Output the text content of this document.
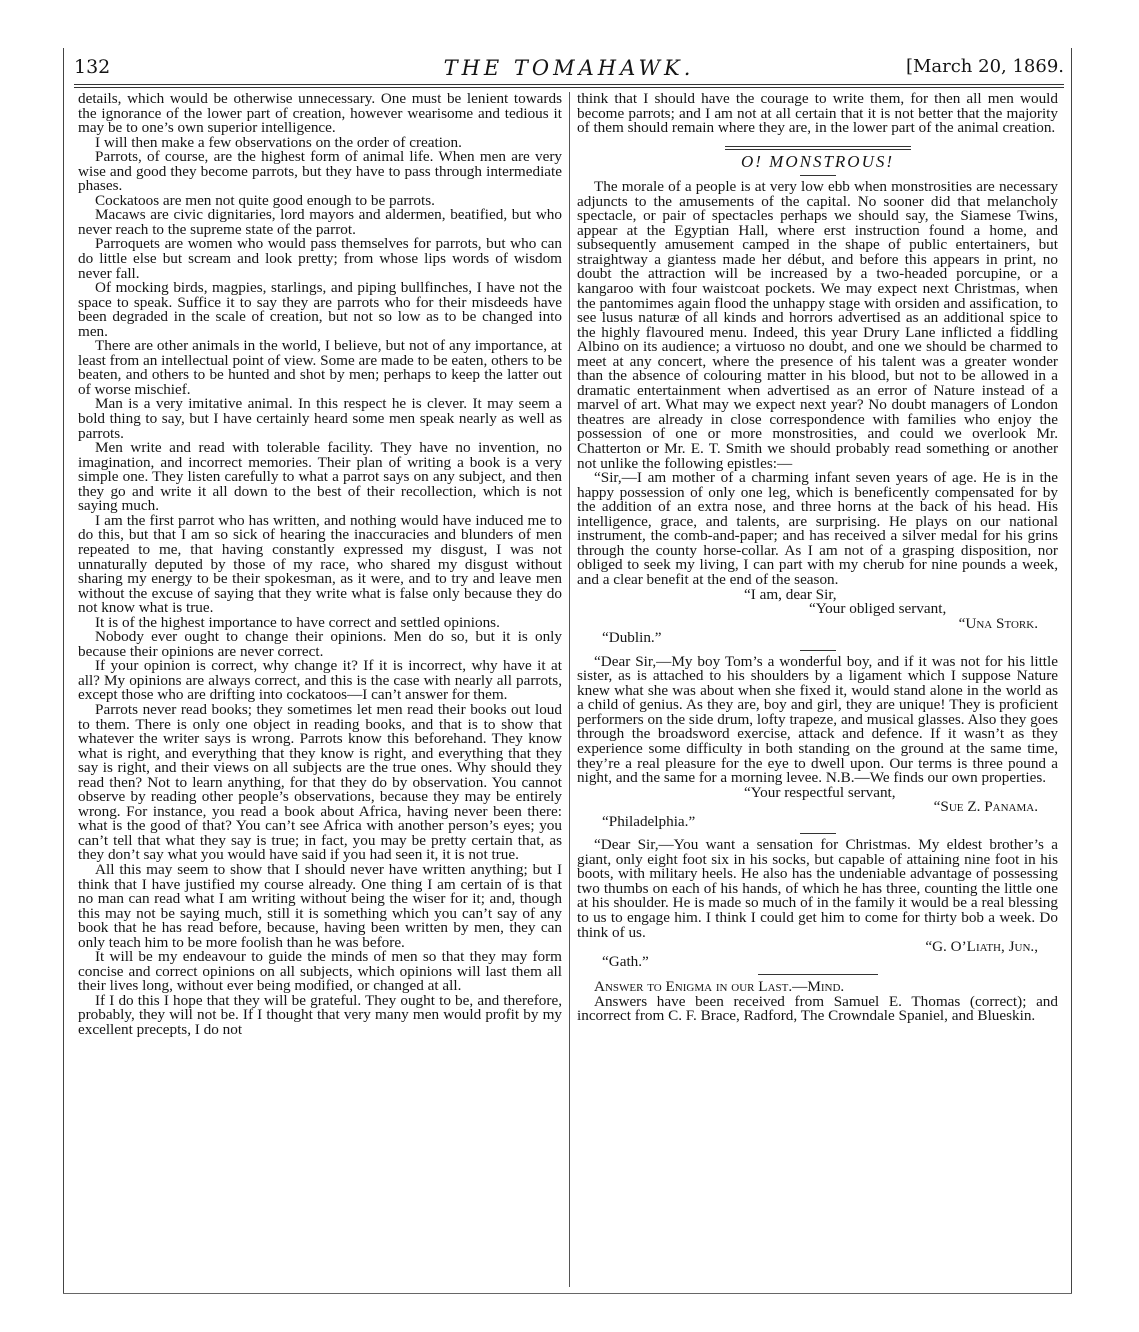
132	THE TOMAHAWK.	[March 20, 1869.

details, which would be otherwise unnecessary. One must be lenient towards the ignorance of the lower part of creation, however wearisome and tedious it may be to one’s own superior intelligence.

I will then make a few observations on the order of creation.

Parrots, of course, are the highest form of animal life. When men are very wise and good they become parrots, but they have to pass through intermediate phases.

Cockatoos are men not quite good enough to be parrots.

Macaws are civic dignitaries, lord mayors and aldermen, beatified, but who never reach to the supreme state of the parrot.

Parroquets are women who would pass themselves for parrots, but who can do little else but scream and look pretty; from whose lips words of wisdom never fall.

Of mocking birds, magpies, starlings, and piping bullfinches, I have not the space to speak. Suffice it to say they are parrots who for their misdeeds have been degraded in the scale of creation, but not so low as to be changed into men.

There are other animals in the world, I believe, but not of any importance, at least from an intellectual point of view. Some are made to be eaten, others to be beaten, and others to be hunted and shot by men; perhaps to keep the latter out of worse mischief.

Man is a very imitative animal. In this respect he is clever. It may seem a bold thing to say, but I have certainly heard some men speak nearly as well as parrots.

Men write and read with tolerable facility. They have no invention, no imagination, and incorrect memories. Their plan of writing a book is a very simple one. They listen carefully to what a parrot says on any subject, and then they go and write it all down to the best of their recollection, which is not saying much.

I am the first parrot who has written, and nothing would have induced me to do this, but that I am so sick of hearing the inaccuracies and blunders of men repeated to me, that having constantly expressed my disgust, I was not unnaturally deputed by those of my race, who shared my disgust without sharing my energy to be their spokesman, as it were, and to try and leave men without the excuse of saying that they write what is false only because they do not know what is true.

It is of the highest importance to have correct and settled opinions.

Nobody ever ought to change their opinions. Men do so, but it is only because their opinions are never correct.

If your opinion is correct, why change it? If it is incorrect, why have it at all? My opinions are always correct, and this is the case with nearly all parrots, except those who are drifting into cockatoos—I can’t answer for them.

Parrots never read books; they sometimes let men read their books out loud to them. There is only one object in reading books, and that is to show that whatever the writer says is wrong. Parrots know this beforehand. They know what is right, and everything that they know is right, and everything that they say is right, and their views on all subjects are the true ones. Why should they read then? Not to learn anything, for that they do by observation. You cannot observe by reading other people’s observations, because they may be entirely wrong. For instance, you read a book about Africa, having never been there: what is the good of that? You can’t see Africa with another person’s eyes; you can’t tell that what they say is true; in fact, you may be pretty certain that, as they don’t say what you would have said if you had seen it, it is not true.

All this may seem to show that I should never have written anything; but I think that I have justified my course already. One thing I am certain of is that no man can read what I am writing without being the wiser for it; and, though this may not be saying much, still it is something which you can’t say of any book that he has read before, because, having been written by men, they can only teach him to be more foolish than he was before.

It will be my endeavour to guide the minds of men so that they may form concise and correct opinions on all subjects, which opinions will last them all their lives long, without ever being modified, or changed at all.

If I do this I hope that they will be grateful. They ought to be, and therefore, probably, they will not be. If I thought that very many men would profit by my excellent precepts, I do not

think that I should have the courage to write them, for then all men would become parrots; and I am not at all certain that it is not better that the majority of them should remain where they are, in the lower part of the animal creation.

O! MONSTROUS!

The morale of a people is at very low ebb when monstrosities are necessary adjuncts to the amusements of the capital. No sooner did that melancholy spectacle, or pair of spectacles perhaps we should say, the Siamese Twins, appear at the Egyptian Hall, where erst instruction found a home, and subsequently amusement camped in the shape of public entertainers, but straightway a giantess made her début, and before this appears in print, no doubt the attraction will be increased by a two-headed porcupine, or a kangaroo with four waistcoat pockets. We may expect next Christmas, when the pantomimes again flood the unhappy stage with orsiden and assification, to see lusus naturæ of all kinds and horrors advertised as an additional spice to the highly flavoured menu. Indeed, this year Drury Lane inflicted a fiddling Albino on its audience; a virtuoso no doubt, and one we should be charmed to meet at any concert, where the presence of his talent was a greater wonder than the absence of colouring matter in his blood, but not to be allowed in a dramatic entertainment when advertised as an error of Nature instead of a marvel of art. What may we expect next year? No doubt managers of London theatres are already in close correspondence with families who enjoy the possession of one or more monstrosities, and could we overlook Mr. Chatterton or Mr. E. T. Smith we should probably read something or another not unlike the following epistles:—

“Sir,—I am mother of a charming infant seven years of age. He is in the happy possession of only one leg, which is beneficently compensated for by the addition of an extra nose, and three horns at the back of his head. His intelligence, grace, and talents, are surprising. He plays on our national instrument, the comb-and-paper; and has received a silver medal for his grins through the county horse-collar. As I am not of a grasping disposition, nor obliged to seek my living, I can part with my cherub for nine pounds a week, and a clear benefit at the end of the season.

“I am, dear Sir,

“Your obliged servant,

“Una Stork.

“Dublin.”

“Dear Sir,—My boy Tom’s a wonderful boy, and if it was not for his little sister, as is attached to his shoulders by a ligament which I suppose Nature knew what she was about when she fixed it, would stand alone in the world as a child of genius. As they are, boy and girl, they are unique! They is proficient performers on the side drum, lofty trapeze, and musical glasses. Also they goes through the broadsword exercise, attack and defence. If it wasn’t as they experience some difficulty in both standing on the ground at the same time, they’re a real pleasure for the eye to dwell upon. Our terms is three pound a night, and the same for a morning levee. N.B.—We finds our own properties.

“Your respectful servant,

“Sue Z. Panama.

“Philadelphia.”

“Dear Sir,—You want a sensation for Christmas. My eldest brother’s a giant, only eight foot six in his socks, but capable of attaining nine foot in his boots, with military heels. He also has the undeniable advantage of possessing two thumbs on each of his hands, of which he has three, counting the little one at his shoulder. He is made so much of in the family it would be a real blessing to us to engage him. I think I could get him to come for thirty bob a week. Do think of us.

“G. O’Liath, Jun.,

“Gath.”

Answer to Enigma in our Last.—Mind.

Answers have been received from Samuel E. Thomas (correct); and incorrect from C. F. Brace, Radford, The Crowndale Spaniel, and Blueskin.
